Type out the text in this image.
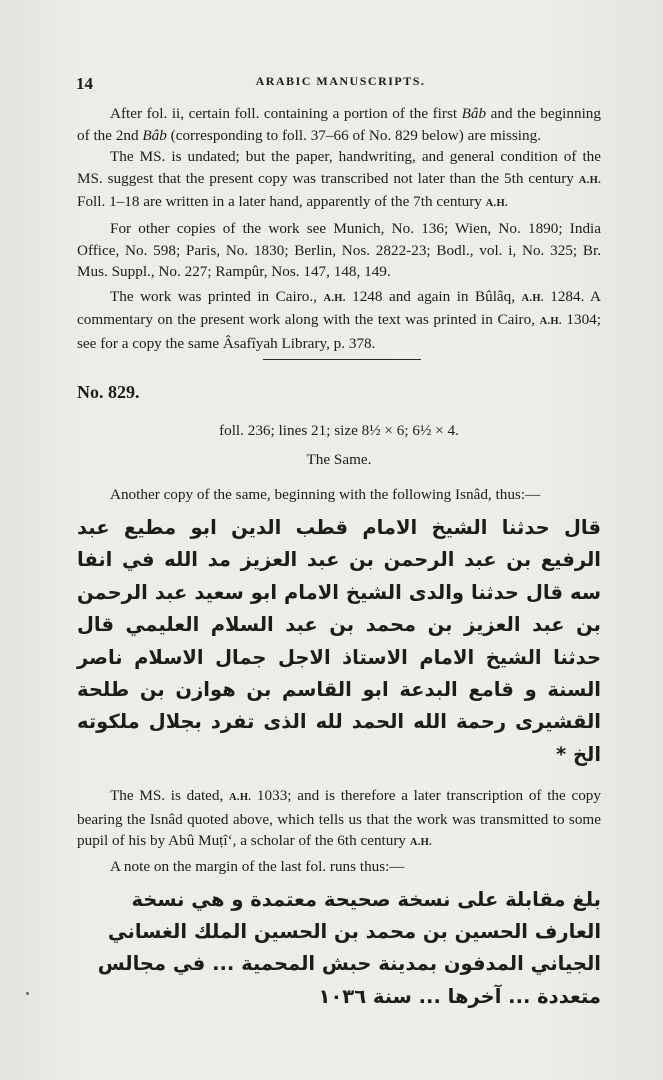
14	ARABIC MANUSCRIPTS.

After fol. ii, certain foll. containing a portion of the first Bâb and the beginning of the 2nd Bâb (corresponding to foll. 37–66 of No. 829 below) are missing.

The MS. is undated; but the paper, handwriting, and general condition of the MS. suggest that the present copy was transcribed not later than the 5th century A.H. Foll. 1–18 are written in a later hand, apparently of the 7th century A.H.

For other copies of the work see Munich, No. 136; Wien, No. 1890; India Office, No. 598; Paris, No. 1830; Berlin, Nos. 2822-23; Bodl., vol. i, No. 325; Br. Mus. Suppl., No. 227; Rampûr, Nos. 147, 148, 149.

The work was printed in Cairo., A.H. 1248 and again in Bûlâq, A.H. 1284. A commentary on the present work along with the text was printed in Cairo, A.H. 1304; see for a copy the same Âsafîyah Library, p. 378.

No. 829.

foll. 236; lines 21; size 8½ × 6; 6½ × 4.

The Same.

Another copy of the same, beginning with the following Isnâd, thus:—

قال حدثنا الشيخ الامام قطب الدين ابو مطيع عبد الرفيع بن عبد الرحمن بن عبد العزيز مد الله في انفا سه قال حدثنا والدى الشيخ الامام ابو سعيد عبد الرحمن بن عبد العزيز بن محمد بن عبد السلام العليمي قال حدثنا الشيخ الامام الاستاذ الاجل جمال الاسلام ناصر السنة و قامع البدعة ابو القاسم بن هوازن بن طلحة القشيرى رحمة الله الحمد لله الذى تفرد بجلال ملكوته الخ *

The MS. is dated, A.H. 1033; and is therefore a later transcription of the copy bearing the Isnâd quoted above, which tells us that the work was transmitted to some pupil of his by Abû Muṭî‘, a scholar of the 6th century A.H.

A note on the margin of the last fol. runs thus:—

بلغ مقابلة على نسخة صحيحة معتمدة و هي نسخة العارف الحسين بن محمد بن الحسين الملك الغساني الجياني المدفون بمدينة حبش المحمية ... في مجالس متعددة ... آخرها ... سنة ١٠٣٦
